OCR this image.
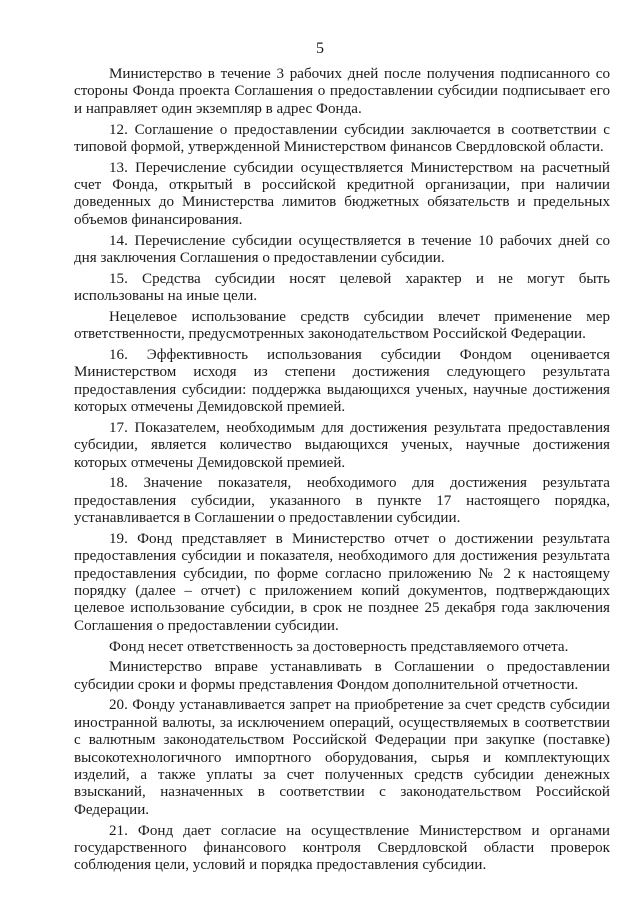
5

Министерство в течение 3 рабочих дней после получения подписанного со стороны Фонда проекта Соглашения о предоставлении субсидии подписывает его и направляет один экземпляр в адрес Фонда.

12. Соглашение о предоставлении субсидии заключается в соответствии с типовой формой, утвержденной Министерством финансов Свердловской области.

13. Перечисление субсидии осуществляется Министерством на расчетный счет Фонда, открытый в российской кредитной организации, при наличии доведенных до Министерства лимитов бюджетных обязательств и предельных объемов финансирования.

14. Перечисление субсидии осуществляется в течение 10 рабочих дней со дня заключения Соглашения о предоставлении субсидии.

15. Средства субсидии носят целевой характер и не могут быть использованы на иные цели.

Нецелевое использование средств субсидии влечет применение мер ответственности, предусмотренных законодательством Российской Федерации.

16. Эффективность использования субсидии Фондом оценивается Министерством исходя из степени достижения следующего результата предоставления субсидии: поддержка выдающихся ученых, научные достижения которых отмечены Демидовской премией.

17. Показателем, необходимым для достижения результата предоставления субсидии, является количество выдающихся ученых, научные достижения которых отмечены Демидовской премией.

18. Значение показателя, необходимого для достижения результата предоставления субсидии, указанного в пункте 17 настоящего порядка, устанавливается в Соглашении о предоставлении субсидии.

19. Фонд представляет в Министерство отчет о достижении результата предоставления субсидии и показателя, необходимого для достижения результата предоставления субсидии, по форме согласно приложению № 2 к настоящему порядку (далее – отчет) с приложением копий документов, подтверждающих целевое использование субсидии, в срок не позднее 25 декабря года заключения Соглашения о предоставлении субсидии.

Фонд несет ответственность за достоверность представляемого отчета.

Министерство вправе устанавливать в Соглашении о предоставлении субсидии сроки и формы представления Фондом дополнительной отчетности.

20. Фонду устанавливается запрет на приобретение за счет средств субсидии иностранной валюты, за исключением операций, осуществляемых в соответствии с валютным законодательством Российской Федерации при закупке (поставке) высокотехнологичного импортного оборудования, сырья и комплектующих изделий, а также уплаты за счет полученных средств субсидии денежных взысканий, назначенных в соответствии с законодательством Российской Федерации.

21. Фонд дает согласие на осуществление Министерством и органами государственного финансового контроля Свердловской области проверок соблюдения цели, условий и порядка предоставления субсидии.
